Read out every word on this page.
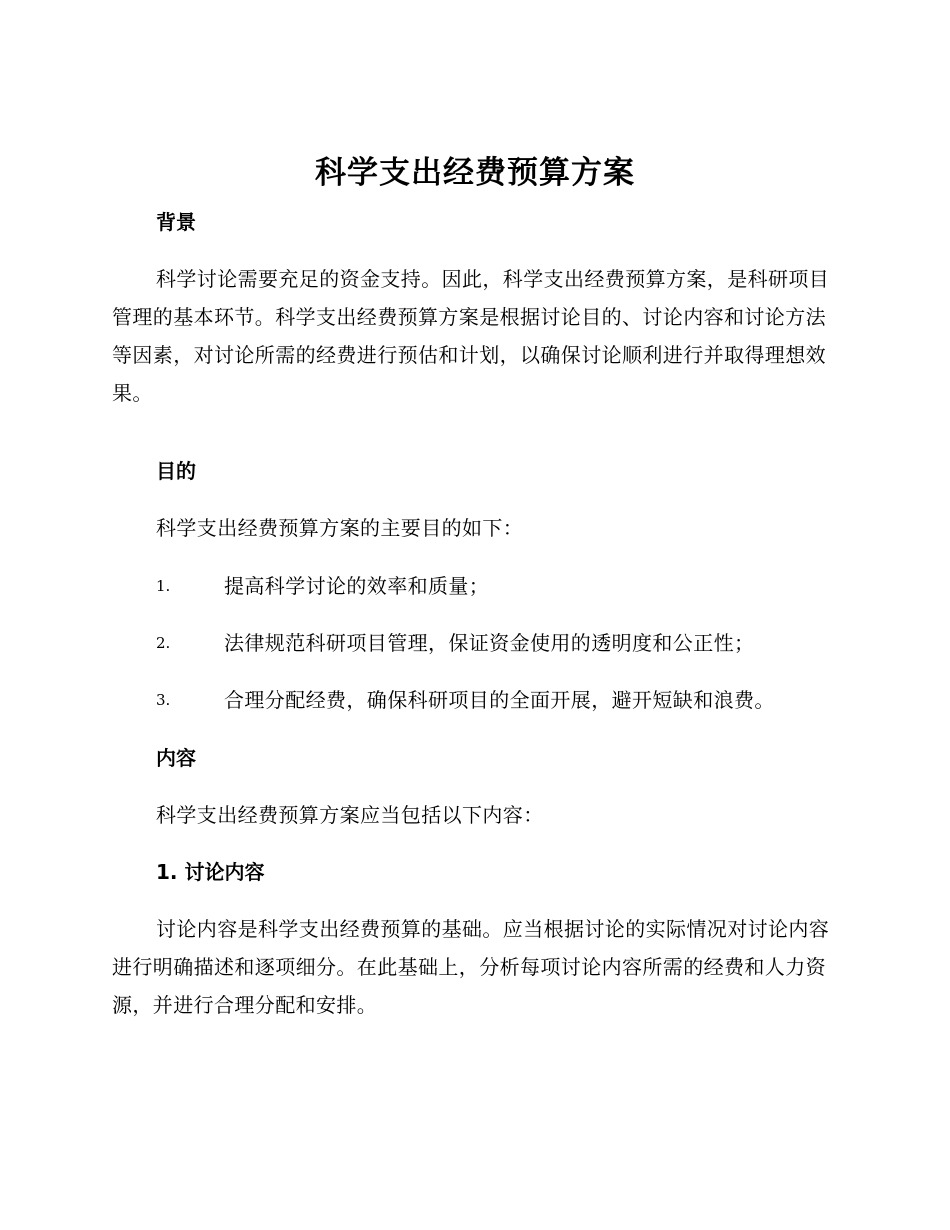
科学支出经费预算方案
背景
科学讨论需要充足的资金支持。因此，科学支出经费预算方案，是科研项目管理的基本环节。科学支出经费预算方案是根据讨论目的、讨论内容和讨论方法等因素，对讨论所需的经费进行预估和计划，以确保讨论顺利进行并取得理想效果。
目的
科学支出经费预算方案的主要目的如下：
1.	提高科学讨论的效率和质量；
2.	法律规范科研项目管理，保证资金使用的透明度和公正性；
3.	合理分配经费，确保科研项目的全面开展，避开短缺和浪费。
内容
科学支出经费预算方案应当包括以下内容：
1. 讨论内容
讨论内容是科学支出经费预算的基础。应当根据讨论的实际情况对讨论内容进行明确描述和逐项细分。在此基础上，分析每项讨论内容所需的经费和人力资源，并进行合理分配和安排。
